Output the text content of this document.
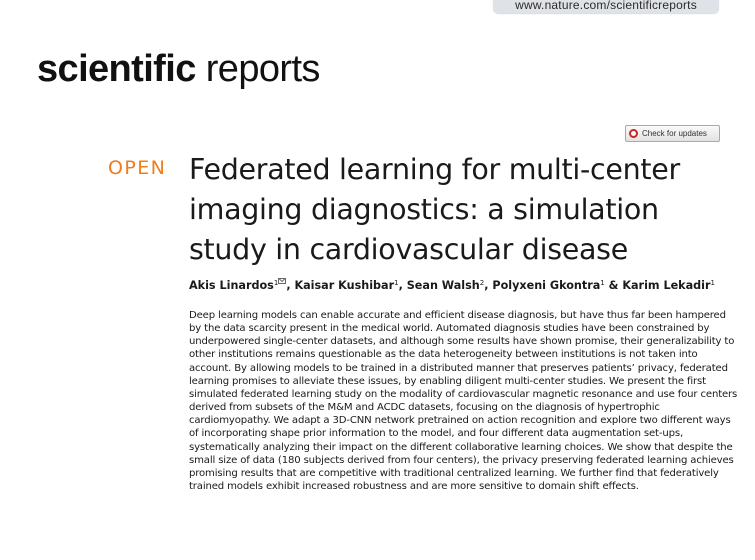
www.nature.com/scientificreports
scientific reports
Check for updates
OPEN Federated learning for multi-center imaging diagnostics: a simulation study in cardiovascular disease
Akis Linardos$^1$ , Kaisar Kushibar$^1$, Sean Walsh$^2$, Polyxeni Gkontra$^1$ & Karim Lekadir$^1$

Deep learning models can enable accurate and efficient disease diagnosis, but have thus far been hampered by the data scarcity present in the medical world. Automated diagnosis studies have been constrained by underpowered single-center datasets, and although some results have shown promise, their generalizability to other institutions remains questionable as the data heterogeneity between institutions is not taken into account. By allowing models to be trained in a distributed manner that preserves patients’ privacy, federated learning promises to alleviate these issues, by enabling diligent multi-center studies. We present the first simulated federated learning study on the modality of cardiovascular magnetic resonance and use four centers derived from subsets of the M&M and ACDC datasets, focusing on the diagnosis of hypertrophic cardiomyopathy. We adapt a 3D-CNN network pretrained on action recognition and explore two different ways of incorporating shape prior information to the model, and four different data augmentation set-ups, systematically analyzing their impact on the different collaborative learning choices. We show that despite the small size of data (180 subjects derived from four centers), the privacy preserving federated learning achieves promising results that are competitive with traditional centralized learning. We further find that federatively trained models exhibit increased robustness and are more sensitive to domain shift effects.
